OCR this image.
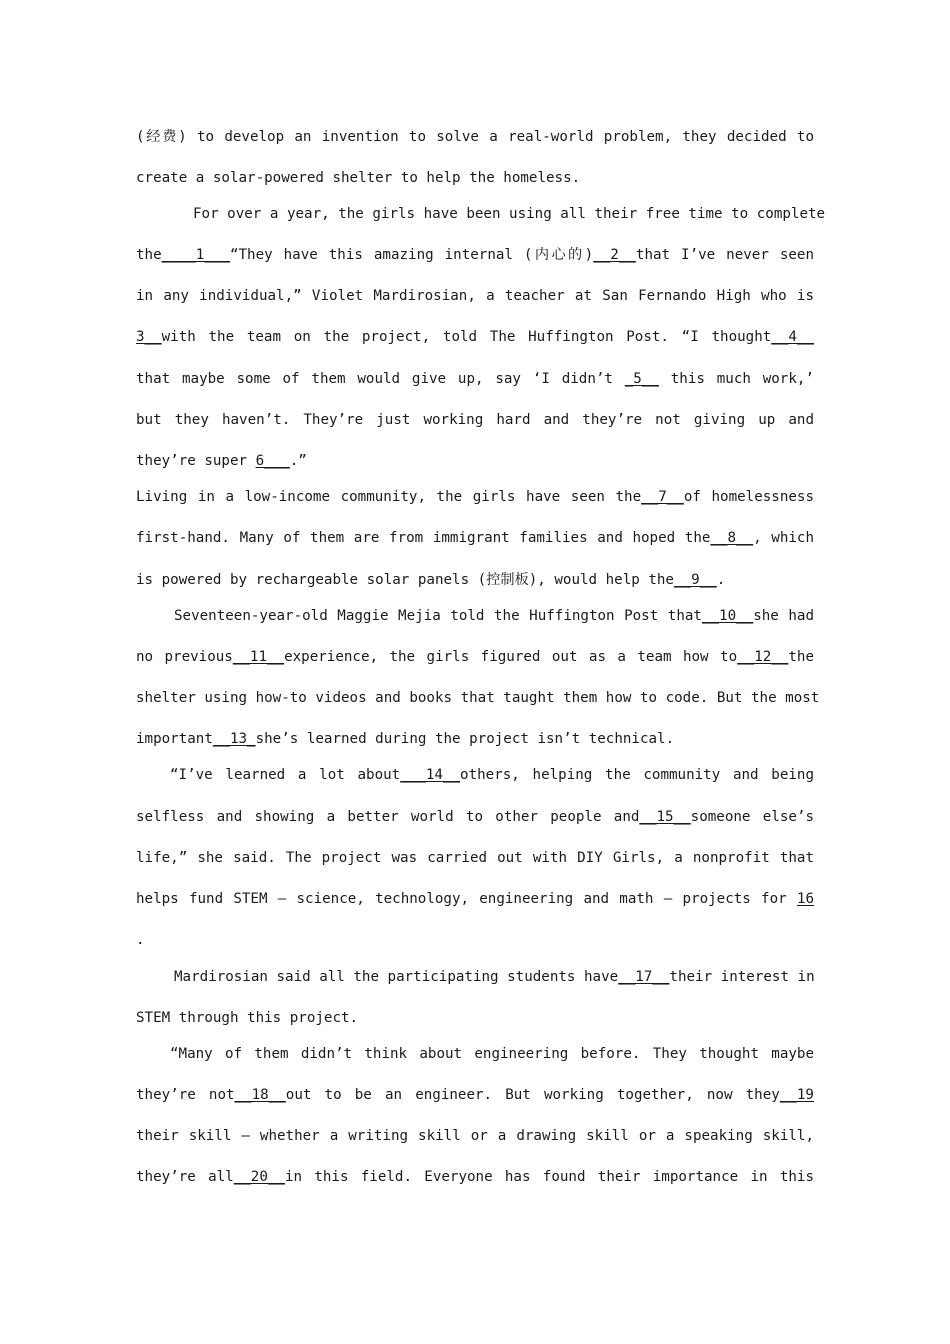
(经费) to develop an invention to solve a real-world problem, they decided to
create a solar-powered shelter to help the homeless.
For over a year, the girls have been using all their free time to complete
the____1___“They have this amazing internal (内心的)__2__that I’ve never seen
in any individual,” Violet Mardirosian, a teacher at San Fernando High who is
3__with the team on the project, told The Huffington Post. “I thought__4__
that maybe some of them would give up, say ‘I didn’t _5__ this much work,’
but they haven’t. They’re just working hard and they’re not giving up and
they’re super 6___.”
Living in a low-income community, the girls have seen the__7__of homelessness
first-hand. Many of them are from immigrant families and hoped the__8__, which
is powered by rechargeable solar panels (控制板), would help the__9__.
Seventeen-year-old Maggie Mejia told the Huffington Post that__10__she had
no previous__11__experience, the girls figured out as a team how to__12__the
shelter using how-to videos and books that taught them how to code. But the most
important__13_she’s learned during the project isn’t technical.
“I’ve learned a lot about___14__others, helping the community and being
selfless and showing a better world to other people and__15__someone else’s
life,” she said. The project was carried out with DIY Girls, a nonprofit that
helps fund STEM – science, technology, engineering and math – projects for 16
.
Mardirosian said all the participating students have__17__their interest in
STEM through this project.
“Many of them didn’t think about engineering before. They thought maybe
they’re not__18__out to be an engineer. But working together, now they__19
their skill – whether a writing skill or a drawing skill or a speaking skill,
they’re all__20__in this field. Everyone has found their importance in this
